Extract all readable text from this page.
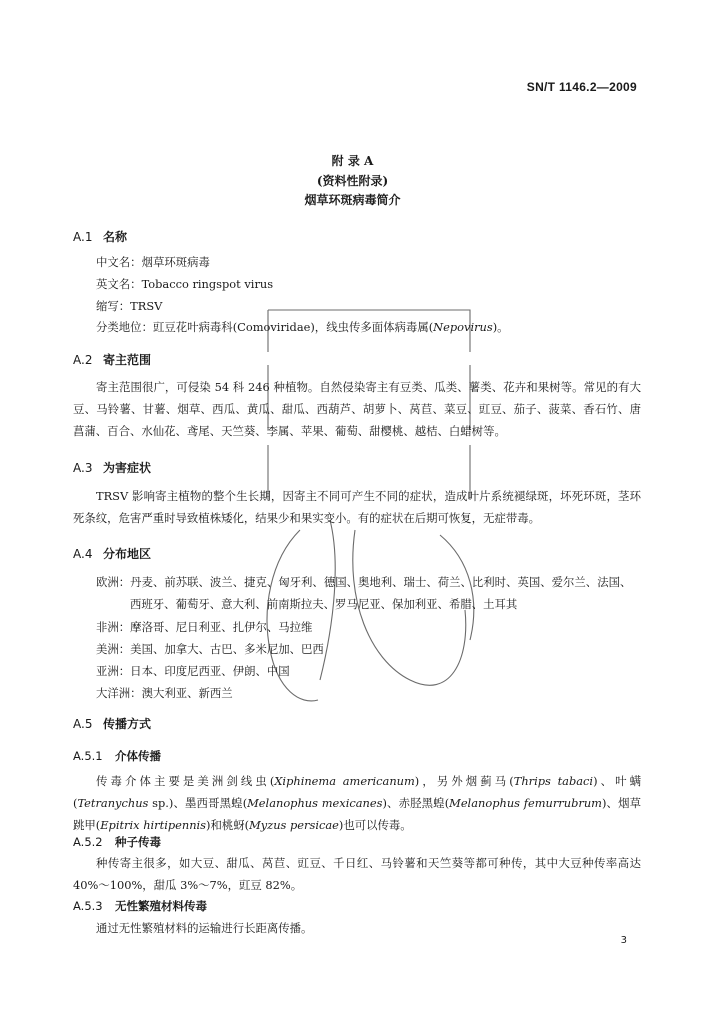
SN/T 1146.2—2009
附 录 A
(资料性附录)
烟草环斑病毒简介
A.1 名称
中文名：烟草环斑病毒
英文名：Tobacco ringspot virus
缩写：TRSV
分类地位：豇豆花叶病毒科(Comoviridae)，线虫传多面体病毒属(Nepovirus)。
A.2 寄主范围
寄主范围很广，可侵染 54 科 246 种植物。自然侵染寄主有豆类、瓜类、薯类、花卉和果树等。常见的有大豆、马铃薯、甘薯、烟草、西瓜、黄瓜、甜瓜、西葫芦、胡萝卜、莴苣、菜豆、豇豆、茄子、菠菜、香石竹、唐菖蒲、百合、水仙花、鸢尾、天竺葵、李属、苹果、葡萄、甜樱桃、越桔、白蜡树等。
A.3 为害症状
TRSV 影响寄主植物的整个生长期，因寄主不同可产生不同的症状，造成叶片系统褪绿斑，坏死环斑，茎环死条纹，危害严重时导致植株矮化，结果少和果实变小。有的症状在后期可恢复，无症带毒。
A.4 分布地区
欧洲：丹麦、前苏联、波兰、捷克、匈牙利、德国、奥地利、瑞士、荷兰、比利时、英国、爱尔兰、法国、
西班牙、葡萄牙、意大利、前南斯拉夫、罗马尼亚、保加利亚、希腊、土耳其
非洲：摩洛哥、尼日利亚、扎伊尔、马拉维
美洲：美国、加拿大、古巴、多米尼加、巴西
亚洲：日本、印度尼西亚、伊朗、中国
大洋洲：澳大利亚、新西兰
A.5 传播方式
A.5.1 介体传播
传毒介体主要是美洲剑线虫(Xiphinema americanum)，另外烟蓟马(Thrips tabaci)、叶螨(Tetranychus sp.)、墨西哥黑蝗(Melanophus mexicanes)、赤胫黑蝗(Melanophus femurrubrum)、烟草跳甲(Epitrix hirtipennis)和桃蚜(Myzus persicae)也可以传毒。
A.5.2 种子传毒
种传寄主很多，如大豆、甜瓜、莴苣、豇豆、千日红、马铃薯和天竺葵等都可种传，其中大豆种传率高达 40%～100%，甜瓜 3%～7%，豇豆 82%。
A.5.3 无性繁殖材料传毒
通过无性繁殖材料的运输进行长距离传播。
3
